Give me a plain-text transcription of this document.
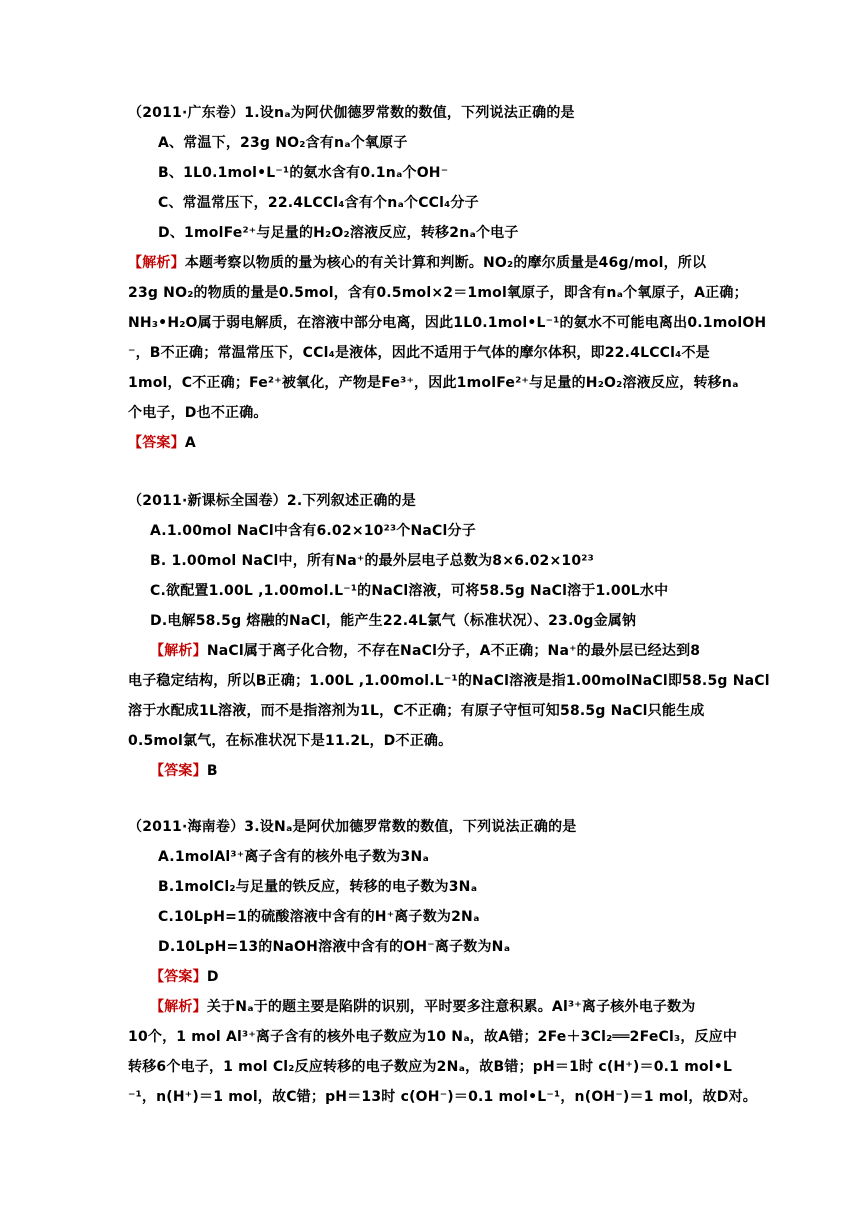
（2011·广东卷）1.设nₐ为阿伏伽德罗常数的数值，下列说法正确的是
A、常温下，23g NO₂含有nₐ个氧原子
B、1L0.1mol•L⁻¹的氨水含有0.1nₐ个OH⁻
C、常温常压下，22.4LCCl₄含有个nₐ个CCl₄分子
D、1molFe²⁺与足量的H₂O₂溶液反应，转移2nₐ个电子
【解析】本题考察以物质的量为核心的有关计算和判断。NO₂的摩尔质量是46g/mol，所以
23g NO₂的物质的量是0.5mol，含有0.5mol×2＝1mol氧原子，即含有nₐ个氧原子，A正确；
NH₃•H₂O属于弱电解质，在溶液中部分电离，因此1L0.1mol•L⁻¹的氨水不可能电离出0.1molOH
⁻，B不正确；常温常压下，CCl₄是液体，因此不适用于气体的摩尔体积，即22.4LCCl₄不是
1mol，C不正确；Fe²⁺被氧化，产物是Fe³⁺，因此1molFe²⁺与足量的H₂O₂溶液反应，转移nₐ
个电子，D也不正确。
【答案】A
（2011·新课标全国卷）2.下列叙述正确的是
A.1.00mol NaCl中含有6.02×10²³个NaCl分子
B. 1.00mol NaCl中，所有Na⁺的最外层电子总数为8×6.02×10²³
C.欲配置1.00L ,1.00mol.L⁻¹的NaCl溶液，可将58.5g NaCl溶于1.00L水中
D.电解58.5g 熔融的NaCl，能产生22.4L氯气（标准状况）、23.0g金属钠
【解析】NaCl属于离子化合物，不存在NaCl分子，A不正确；Na⁺的最外层已经达到8
电子稳定结构，所以B正确；1.00L ,1.00mol.L⁻¹的NaCl溶液是指1.00molNaCl即58.5g NaCl
溶于水配成1L溶液，而不是指溶剂为1L，C不正确；有原子守恒可知58.5g NaCl只能生成
0.5mol氯气，在标准状况下是11.2L，D不正确。
【答案】B
（2011·海南卷）3.设Nₐ是阿伏加德罗常数的数值，下列说法正确的是
A.1molAl³⁺离子含有的核外电子数为3Nₐ
B.1molCl₂与足量的铁反应，转移的电子数为3Nₐ
C.10LpH=1的硫酸溶液中含有的H⁺离子数为2Nₐ
D.10LpH=13的NaOH溶液中含有的OH⁻离子数为Nₐ
【答案】D
【解析】关于Nₐ于的题主要是陷阱的识别，平时要多注意积累。Al³⁺离子核外电子数为
10个，1 mol Al³⁺离子含有的核外电子数应为10 Nₐ，故A错；2Fe＋3Cl₂══2FeCl₃，反应中
转移6个电子，1 mol Cl₂反应转移的电子数应为2Nₐ，故B错；pH＝1时 c(H⁺)＝0.1 mol•L
⁻¹，n(H⁺)＝1 mol，故C错；pH＝13时 c(OH⁻)＝0.1 mol•L⁻¹，n(OH⁻)＝1 mol，故D对。
